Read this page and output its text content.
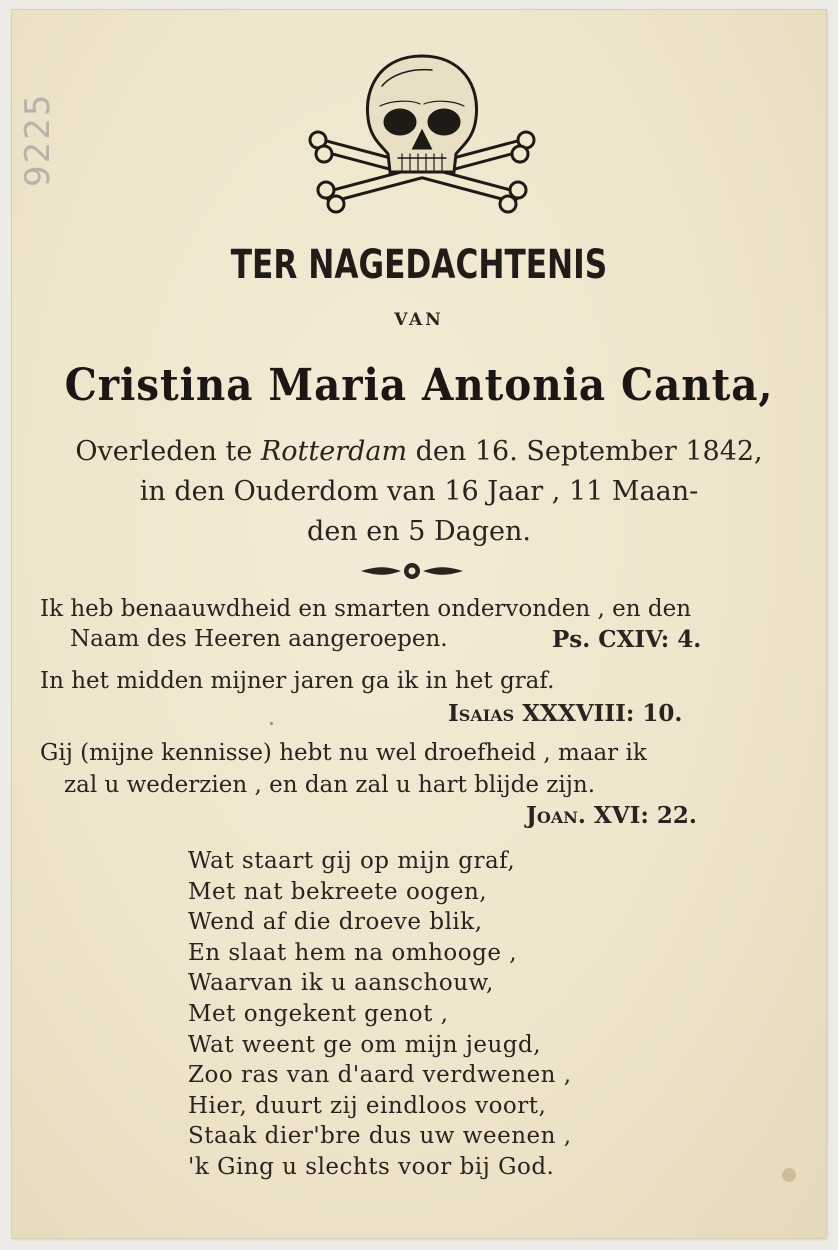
9225
TER NAGEDACHTENIS
VAN
Cristina Maria Antonia Canta,
Overleden te Rotterdam den 16. September 1842,
in den Ouderdom van 16 Jaar , 11 Maan-
den en 5 Dagen.
Ik heb benaauwdheid en smarten ondervonden , en den
Naam des Heeren aangeroepen.	Ps. CXIV: 4.
In het midden mijner jaren ga ik in het graf.
Isaias XXXVIII: 10.
Gij (mijne kennisse) hebt nu wel droefheid , maar ik
zal u wederzien , en dan zal u hart blijde zijn.
Joan. XVI: 22.
Wat staart gij op mijn graf,
Met nat bekreete oogen,
Wend af die droeve blik,
En slaat hem na omhooge ,
Waarvan ik u aanschouw,
Met ongekent genot ,
Wat weent ge om mijn jeugd,
Zoo ras van d'aard verdwenen ,
Hier, duurt zij eindloos voort,
Staak dier'bre dus uw weenen ,
'k Ging u slechts voor bij God.
